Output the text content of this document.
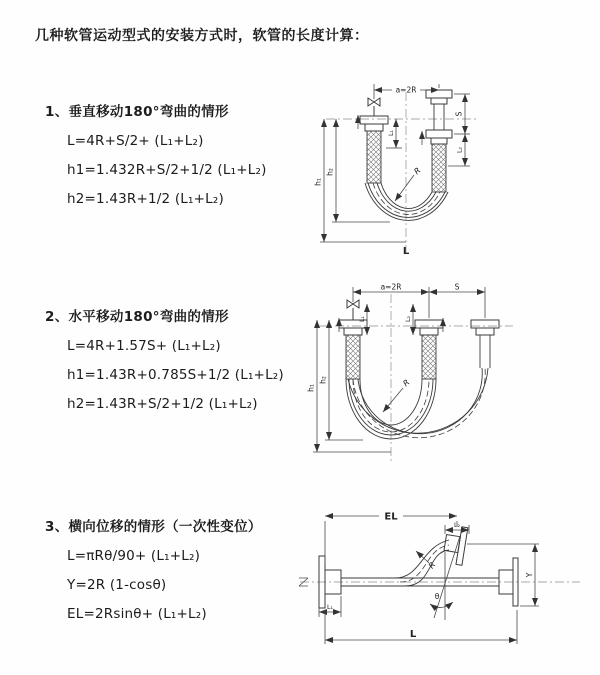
几种软管运动型式的安装方式时，软管的长度计算：
1、垂直移动180°弯曲的情形
L=4R+S/2+ (L₁+L₂)
h1=1.432R+S/2+1/2 (L₁+L₂)
h2=1.43R+1/2 (L₁+L₂)
a=2R
h₁
h₂
L₁
S
L₂
R
L
2、水平移动180°弯曲的情形
L=4R+1.57S+ (L₁+L₂)
h1=1.43R+0.785S+1/2 (L₁+L₂)
h2=1.43R+S/2+1/2 (L₁+L₂)
a=2R	S
L₁	L₂
h₁
h₂	R
3、横向位移的情形（一次性变位）
L=πRθ/90+ (L₁+L₂)
Y=2R (1-cosθ)
EL=2Rsinθ+ (L₁+L₂)
EL
L₂
Y
θ
R
L₁
L
